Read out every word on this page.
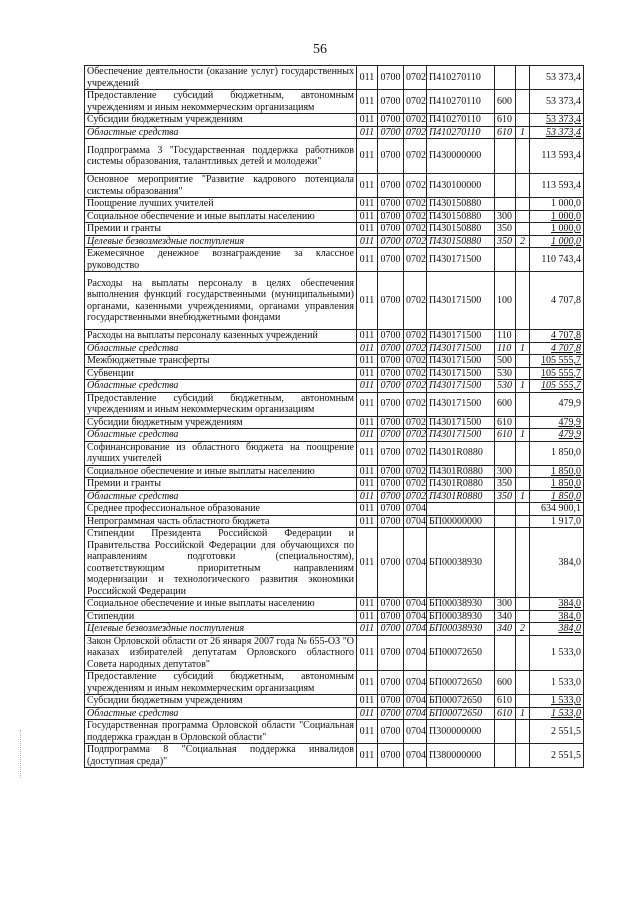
56
Обеспечение деятельности (оказание услуг) государственных учреждений	011	0700	0702	П410270110			53 373,4
Предоставление субсидий бюджетным, автономным учреждениям и иным некоммерческим организациям	011	0700	0702	П410270110	600		53 373,4
Субсидии бюджетным учреждениям	011	0700	0702	П410270110	610		53 373,4
Областные средства	011	0700	0702	П410270110	610	1	53 373,4
Подпрограмма 3 "Государственная поддержка работников системы образования, талантливых детей и молодежи"	011	0700	0702	П430000000			113 593,4
Основное мероприятие "Развитие кадрового потенциала системы образования"	011	0700	0702	П430100000			113 593,4
Поощрение лучших учителей	011	0700	0702	П430150880			1 000,0
Социальное обеспечение и иные выплаты населению	011	0700	0702	П430150880	300		1 000,0
Премии и гранты	011	0700	0702	П430150880	350		1 000,0
Целевые безвозмездные поступления	011	0700	0702	П430150880	350	2	1 000,0
Ежемесячное денежное вознаграждение за классное руководство	011	0700	0702	П430171500			110 743,4
Расходы на выплаты персоналу в целях обеспечения выполнения функций государственными (муниципальными) органами, казенными учреждениями, органами управления государственными внебюджетными фондами	011	0700	0702	П430171500	100		4 707,8
Расходы на выплаты персоналу казенных учреждений	011	0700	0702	П430171500	110		4 707,8
Областные средства	011	0700	0702	П430171500	110	1	4 707,8
Межбюджетные трансферты	011	0700	0702	П430171500	500		105 555,7
Субвенции	011	0700	0702	П430171500	530		105 555,7
Областные средства	011	0700	0702	П430171500	530	1	105 555,7
Предоставление субсидий бюджетным, автономным учреждениям и иным некоммерческим организациям	011	0700	0702	П430171500	600		479,9
Субсидии бюджетным учреждениям	011	0700	0702	П430171500	610		479,9
Областные средства	011	0700	0702	П430171500	610	1	479,9
Софинансирование из областного бюджета на поощрение лучших учителей	011	0700	0702	П4301R0880			1 850,0
Социальное обеспечение и иные выплаты населению	011	0700	0702	П4301R0880	300		1 850,0
Премии и гранты	011	0700	0702	П4301R0880	350		1 850,0
Областные средства	011	0700	0702	П4301R0880	350	1	1 850,0
Среднее профессиональное образование	011	0700	0704				634 900,1
Непрограммная часть областного бюджета	011	0700	0704	БП00000000			1 917,0
Стипендии Президента Российской Федерации и Правительства Российской Федерации для обучающихся по направлениям подготовки (специальностям), соответствующим приоритетным направлениям модернизации и технологического развития экономики Российской Федерации	011	0700	0704	БП00038930			384,0
Социальное обеспечение и иные выплаты населению	011	0700	0704	БП00038930	300		384,0
Стипендии	011	0700	0704	БП00038930	340		384,0
Целевые безвозмездные поступления	011	0700	0704	БП00038930	340	2	384,0
Закон Орловской области от 26 января 2007 года № 655-ОЗ "О наказах избирателей депутатам Орловского областного Совета народных депутатов"	011	0700	0704	БП00072650			1 533,0
Предоставление субсидий бюджетным, автономным учреждениям и иным некоммерческим организациям	011	0700	0704	БП00072650	600		1 533,0
Субсидии бюджетным учреждениям	011	0700	0704	БП00072650	610		1 533,0
Областные средства	011	0700	0704	БП00072650	610	1	1 533,0
Государственная программа Орловской области "Социальная поддержка граждан в Орловской области"	011	0700	0704	П300000000			2 551,5
Подпрограмма 8 "Социальная поддержка инвалидов (доступная среда)"	011	0700	0704	П380000000			2 551,5
